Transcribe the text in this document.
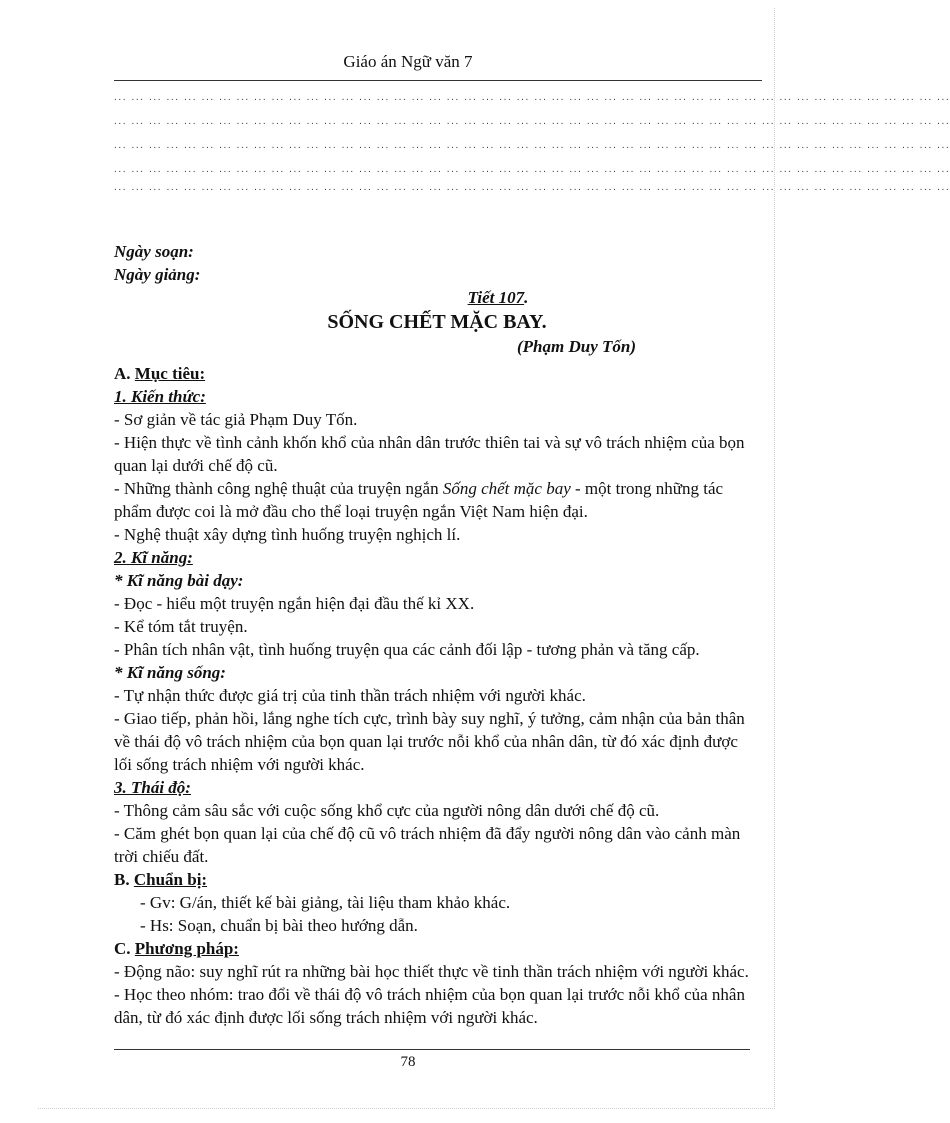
Giáo án Ngữ văn 7
... ... ... ... ... ... ... ... ... ... ... ... ... ... ... ... ... ... ... ... ... ... ... ... ... ... ... ... ... ... ... ... ... ... ... ... ... ... ... ... ... ... ... ... ... ... ... ...
... ... ... ... ... ... ... ... ... ... ... ... ... ... ... ... ... ... ... ... ... ... ... ... ... ... ... ... ... ... ... ... ... ... ... ... ... ... ... ... ... ... ... ... ... ... ... ...
... ... ... ... ... ... ... ... ... ... ... ... ... ... ... ... ... ... ... ... ... ... ... ... ... ... ... ... ... ... ... ... ... ... ... ... ... ... ... ... ... ... ... ... ... ... ... ...
... ... ... ... ... ... ... ... ... ... ... ... ... ... ... ... ... ... ... ... ... ... ... ... ... ... ... ... ... ... ... ... ... ... ... ... ... ... ... ... ... ... ... ... ... ... ... ...
... ... ... ... ... ... ... ... ... ... ... ... ... ... ... ... ... ... ... ... ... ... ... ... ... ... ... ... ... ... ... ... ... ... ... ... ... ... ... ... ... ... ... ... ... ... ... ...

Ngày soạn:

Ngày giảng:

Tiết 107.

SỐNG CHẾT MẶC BAY.

(Phạm Duy Tốn)

A. Mục tiêu:

1. Kiến thức:

- Sơ giản về tác giả Phạm Duy Tốn.

- Hiện thực về tình cảnh khốn khổ của nhân dân trước thiên tai và sự vô trách nhiệm của bọn quan lại dưới chế độ cũ.

- Những thành công nghệ thuật của truyện ngắn Sống chết mặc bay - một trong những tác phẩm được coi là mở đầu cho thể loại truyện ngắn Việt Nam hiện đại.

- Nghệ thuật xây dựng tình huống truyện nghịch lí.

2. Kĩ năng:

* Kĩ năng bài dạy:

- Đọc - hiểu một truyện ngắn hiện đại đầu thế kỉ XX.

- Kể tóm tắt truyện.

- Phân tích nhân vật, tình huống truyện qua các cảnh đối lập - tương phản và tăng cấp.

* Kĩ năng sống:

- Tự nhận thức được giá trị của tinh thần trách nhiệm với người khác.

- Giao tiếp, phản hồi, lắng nghe tích cực, trình bày suy nghĩ, ý tưởng, cảm nhận của bản thân về thái độ vô trách nhiệm của bọn quan lại trước nỗi khổ của nhân dân, từ đó xác định được lối sống trách nhiệm với người khác.

3. Thái độ:

- Thông cảm sâu sắc với cuộc sống khổ cực của người nông dân dưới chế độ cũ.

- Căm ghét bọn quan lại của chế độ cũ vô trách nhiệm đã đẩy người nông dân vào cảnh màn trời chiếu đất.

B. Chuẩn bị:

- Gv: G/án, thiết kế bài giảng, tài liệu tham khảo khác.

- Hs: Soạn, chuẩn bị bài theo hướng dẫn.

C. Phương pháp:

- Động não: suy nghĩ rút ra những bài học thiết thực về tinh thần trách nhiệm với người khác.

- Học theo nhóm: trao đổi về thái độ vô trách nhiệm của bọn quan lại trước nỗi khổ của nhân dân, từ đó xác định được lối sống trách nhiệm với người khác.

78
